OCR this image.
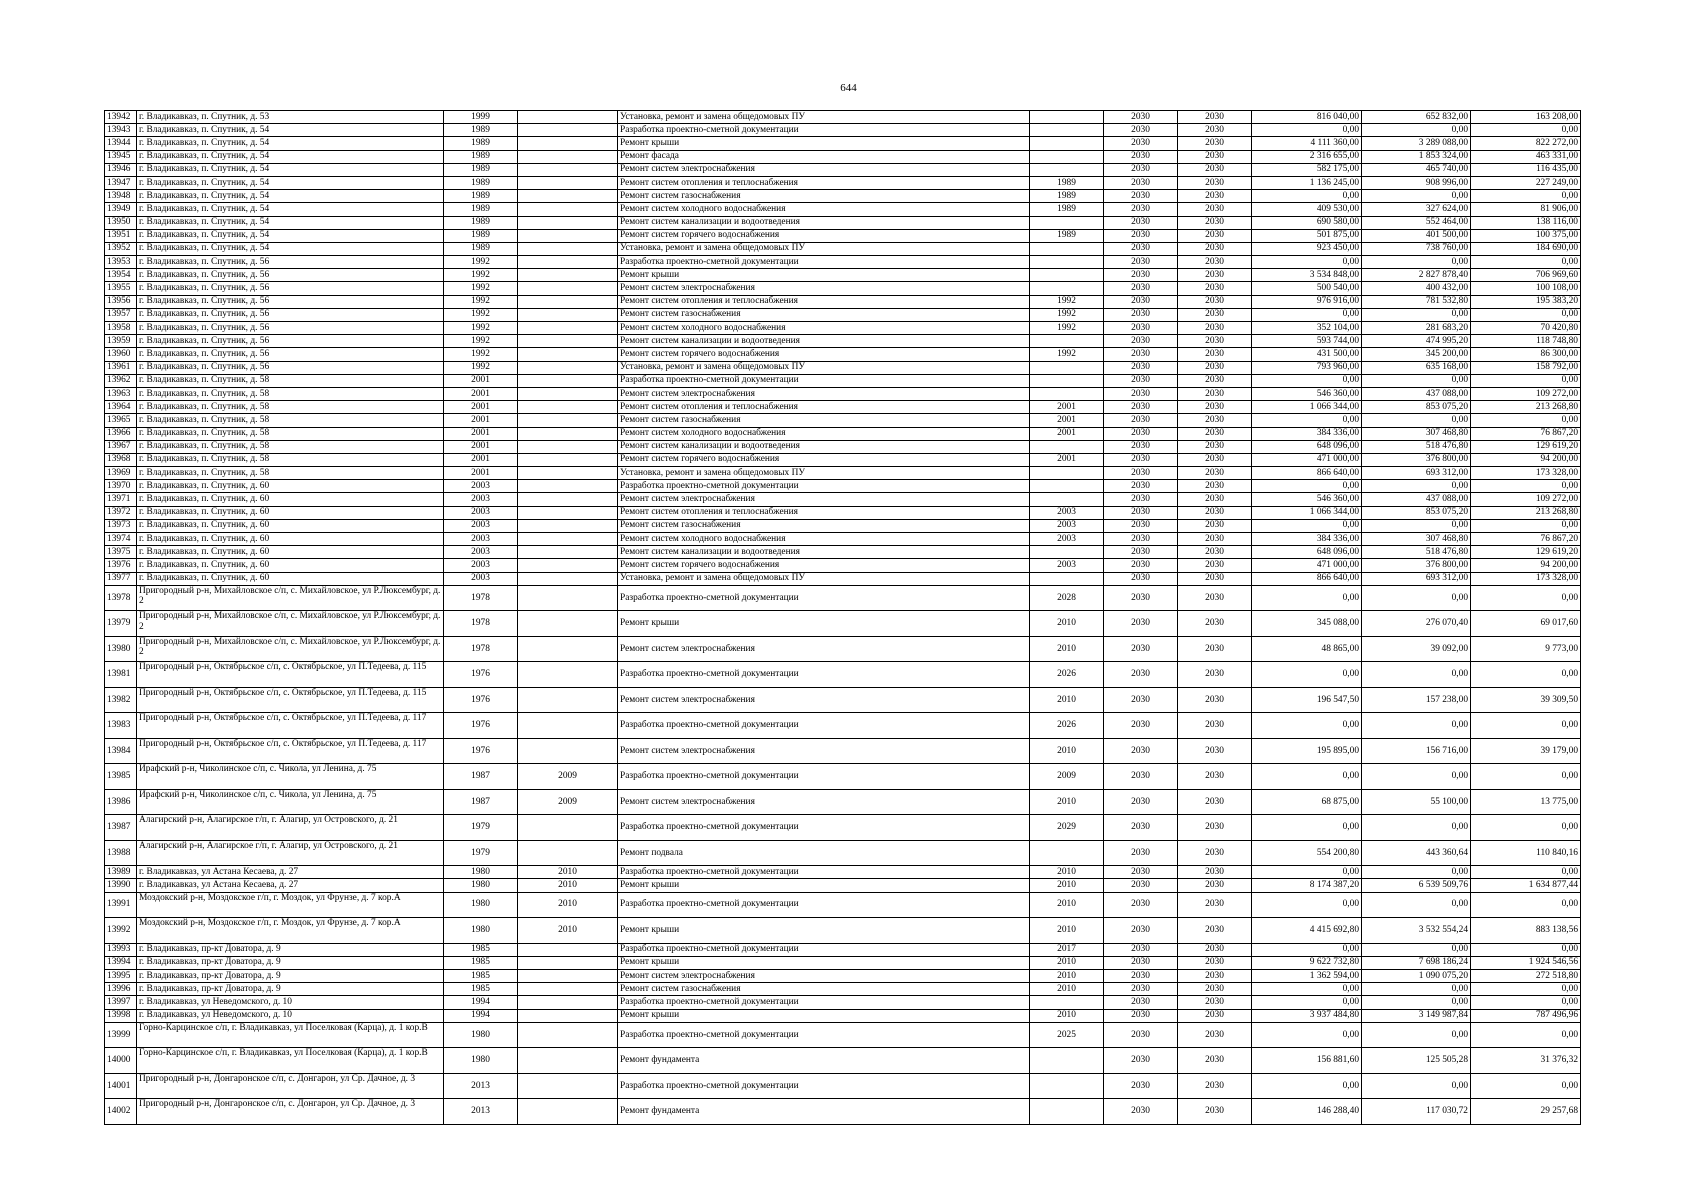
644
13942	г. Владикавказ, п. Спутник, д. 53	1999		Установка, ремонт и замена общедомовых ПУ		2030	2030	816 040,00	652 832,00	163 208,00
13943	г. Владикавказ, п. Спутник, д. 54	1989		Разработка проектно-сметной документации		2030	2030	0,00	0,00	0,00
13944	г. Владикавказ, п. Спутник, д. 54	1989		Ремонт крыши		2030	2030	4 111 360,00	3 289 088,00	822 272,00
13945	г. Владикавказ, п. Спутник, д. 54	1989		Ремонт фасада		2030	2030	2 316 655,00	1 853 324,00	463 331,00
13946	г. Владикавказ, п. Спутник, д. 54	1989		Ремонт систем электроснабжения		2030	2030	582 175,00	465 740,00	116 435,00
13947	г. Владикавказ, п. Спутник, д. 54	1989		Ремонт систем отопления и теплоснабжения	1989	2030	2030	1 136 245,00	908 996,00	227 249,00
13948	г. Владикавказ, п. Спутник, д. 54	1989		Ремонт систем газоснабжения	1989	2030	2030	0,00	0,00	0,00
13949	г. Владикавказ, п. Спутник, д. 54	1989		Ремонт систем холодного водоснабжения	1989	2030	2030	409 530,00	327 624,00	81 906,00
13950	г. Владикавказ, п. Спутник, д. 54	1989		Ремонт систем канализации и водоотведения		2030	2030	690 580,00	552 464,00	138 116,00
13951	г. Владикавказ, п. Спутник, д. 54	1989		Ремонт систем горячего водоснабжения	1989	2030	2030	501 875,00	401 500,00	100 375,00
13952	г. Владикавказ, п. Спутник, д. 54	1989		Установка, ремонт и замена общедомовых ПУ		2030	2030	923 450,00	738 760,00	184 690,00
13953	г. Владикавказ, п. Спутник, д. 56	1992		Разработка проектно-сметной документации		2030	2030	0,00	0,00	0,00
13954	г. Владикавказ, п. Спутник, д. 56	1992		Ремонт крыши		2030	2030	3 534 848,00	2 827 878,40	706 969,60
13955	г. Владикавказ, п. Спутник, д. 56	1992		Ремонт систем электроснабжения		2030	2030	500 540,00	400 432,00	100 108,00
13956	г. Владикавказ, п. Спутник, д. 56	1992		Ремонт систем отопления и теплоснабжения	1992	2030	2030	976 916,00	781 532,80	195 383,20
13957	г. Владикавказ, п. Спутник, д. 56	1992		Ремонт систем газоснабжения	1992	2030	2030	0,00	0,00	0,00
13958	г. Владикавказ, п. Спутник, д. 56	1992		Ремонт систем холодного водоснабжения	1992	2030	2030	352 104,00	281 683,20	70 420,80
13959	г. Владикавказ, п. Спутник, д. 56	1992		Ремонт систем канализации и водоотведения		2030	2030	593 744,00	474 995,20	118 748,80
13960	г. Владикавказ, п. Спутник, д. 56	1992		Ремонт систем горячего водоснабжения	1992	2030	2030	431 500,00	345 200,00	86 300,00
13961	г. Владикавказ, п. Спутник, д. 56	1992		Установка, ремонт и замена общедомовых ПУ		2030	2030	793 960,00	635 168,00	158 792,00
13962	г. Владикавказ, п. Спутник, д. 58	2001		Разработка проектно-сметной документации		2030	2030	0,00	0,00	0,00
13963	г. Владикавказ, п. Спутник, д. 58	2001		Ремонт систем электроснабжения		2030	2030	546 360,00	437 088,00	109 272,00
13964	г. Владикавказ, п. Спутник, д. 58	2001		Ремонт систем отопления и теплоснабжения	2001	2030	2030	1 066 344,00	853 075,20	213 268,80
13965	г. Владикавказ, п. Спутник, д. 58	2001		Ремонт систем газоснабжения	2001	2030	2030	0,00	0,00	0,00
13966	г. Владикавказ, п. Спутник, д. 58	2001		Ремонт систем холодного водоснабжения	2001	2030	2030	384 336,00	307 468,80	76 867,20
13967	г. Владикавказ, п. Спутник, д. 58	2001		Ремонт систем канализации и водоотведения		2030	2030	648 096,00	518 476,80	129 619,20
13968	г. Владикавказ, п. Спутник, д. 58	2001		Ремонт систем горячего водоснабжения	2001	2030	2030	471 000,00	376 800,00	94 200,00
13969	г. Владикавказ, п. Спутник, д. 58	2001		Установка, ремонт и замена общедомовых ПУ		2030	2030	866 640,00	693 312,00	173 328,00
13970	г. Владикавказ, п. Спутник, д. 60	2003		Разработка проектно-сметной документации		2030	2030	0,00	0,00	0,00
13971	г. Владикавказ, п. Спутник, д. 60	2003		Ремонт систем электроснабжения		2030	2030	546 360,00	437 088,00	109 272,00
13972	г. Владикавказ, п. Спутник, д. 60	2003		Ремонт систем отопления и теплоснабжения	2003	2030	2030	1 066 344,00	853 075,20	213 268,80
13973	г. Владикавказ, п. Спутник, д. 60	2003		Ремонт систем газоснабжения	2003	2030	2030	0,00	0,00	0,00
13974	г. Владикавказ, п. Спутник, д. 60	2003		Ремонт систем холодного водоснабжения	2003	2030	2030	384 336,00	307 468,80	76 867,20
13975	г. Владикавказ, п. Спутник, д. 60	2003		Ремонт систем канализации и водоотведения		2030	2030	648 096,00	518 476,80	129 619,20
13976	г. Владикавказ, п. Спутник, д. 60	2003		Ремонт систем горячего водоснабжения	2003	2030	2030	471 000,00	376 800,00	94 200,00
13977	г. Владикавказ, п. Спутник, д. 60	2003		Установка, ремонт и замена общедомовых ПУ		2030	2030	866 640,00	693 312,00	173 328,00
13978	Пригородный р-н, Михайловское с/п, с. Михайловское, ул Р.Люксембург, д. 2	1978		Разработка проектно-сметной документации	2028	2030	2030	0,00	0,00	0,00
13979	Пригородный р-н, Михайловское с/п, с. Михайловское, ул Р.Люксембург, д. 2	1978		Ремонт крыши	2010	2030	2030	345 088,00	276 070,40	69 017,60
13980	Пригородный р-н, Михайловское с/п, с. Михайловское, ул Р.Люксембург, д. 2	1978		Ремонт систем электроснабжения	2010	2030	2030	48 865,00	39 092,00	9 773,00
13981	Пригородный р-н, Октябрьское с/п, с. Октябрьское, ул П.Тедеева, д. 115	1976		Разработка проектно-сметной документации	2026	2030	2030	0,00	0,00	0,00
13982	Пригородный р-н, Октябрьское с/п, с. Октябрьское, ул П.Тедеева, д. 115	1976		Ремонт систем электроснабжения	2010	2030	2030	196 547,50	157 238,00	39 309,50
13983	Пригородный р-н, Октябрьское с/п, с. Октябрьское, ул П.Тедеева, д. 117	1976		Разработка проектно-сметной документации	2026	2030	2030	0,00	0,00	0,00
13984	Пригородный р-н, Октябрьское с/п, с. Октябрьское, ул П.Тедеева, д. 117	1976		Ремонт систем электроснабжения	2010	2030	2030	195 895,00	156 716,00	39 179,00
13985	Ирафский р-н, Чиколинское с/п, с. Чикола, ул Ленина, д. 75	1987	2009	Разработка проектно-сметной документации	2009	2030	2030	0,00	0,00	0,00
13986	Ирафский р-н, Чиколинское с/п, с. Чикола, ул Ленина, д. 75	1987	2009	Ремонт систем электроснабжения	2010	2030	2030	68 875,00	55 100,00	13 775,00
13987	Алагирский р-н, Алагирское г/п, г. Алагир, ул Островского, д. 21	1979		Разработка проектно-сметной документации	2029	2030	2030	0,00	0,00	0,00
13988	Алагирский р-н, Алагирское г/п, г. Алагир, ул Островского, д. 21	1979		Ремонт подвала		2030	2030	554 200,80	443 360,64	110 840,16
13989	г. Владикавказ, ул Астана Кесаева, д. 27	1980	2010	Разработка проектно-сметной документации	2010	2030	2030	0,00	0,00	0,00
13990	г. Владикавказ, ул Астана Кесаева, д. 27	1980	2010	Ремонт крыши	2010	2030	2030	8 174 387,20	6 539 509,76	1 634 877,44
13991	Моздокский р-н, Моздокское г/п, г. Моздок, ул Фрунзе, д. 7 кор.А	1980	2010	Разработка проектно-сметной документации	2010	2030	2030	0,00	0,00	0,00
13992	Моздокский р-н, Моздокское г/п, г. Моздок, ул Фрунзе, д. 7 кор.А	1980	2010	Ремонт крыши	2010	2030	2030	4 415 692,80	3 532 554,24	883 138,56
13993	г. Владикавказ, пр-кт Доватора, д. 9	1985		Разработка проектно-сметной документации	2017	2030	2030	0,00	0,00	0,00
13994	г. Владикавказ, пр-кт Доватора, д. 9	1985		Ремонт крыши	2010	2030	2030	9 622 732,80	7 698 186,24	1 924 546,56
13995	г. Владикавказ, пр-кт Доватора, д. 9	1985		Ремонт систем электроснабжения	2010	2030	2030	1 362 594,00	1 090 075,20	272 518,80
13996	г. Владикавказ, пр-кт Доватора, д. 9	1985		Ремонт систем газоснабжения	2010	2030	2030	0,00	0,00	0,00
13997	г. Владикавказ, ул Неведомского, д. 10	1994		Разработка проектно-сметной документации		2030	2030	0,00	0,00	0,00
13998	г. Владикавказ, ул Неведомского, д. 10	1994		Ремонт крыши	2010	2030	2030	3 937 484,80	3 149 987,84	787 496,96
13999	Горно-Карцинское с/п, г. Владикавказ, ул Поселковая (Карца), д. 1 кор.В	1980		Разработка проектно-сметной документации	2025	2030	2030	0,00	0,00	0,00
14000	Горно-Карцинское с/п, г. Владикавказ, ул Поселковая (Карца), д. 1 кор.В	1980		Ремонт фундамента		2030	2030	156 881,60	125 505,28	31 376,32
14001	Пригородный р-н, Донгаронское с/п, с. Донгарон, ул Ср. Дачное, д. 3	2013		Разработка проектно-сметной документации		2030	2030	0,00	0,00	0,00
14002	Пригородный р-н, Донгаронское с/п, с. Донгарон, ул Ср. Дачное, д. 3	2013		Ремонт фундамента		2030	2030	146 288,40	117 030,72	29 257,68
